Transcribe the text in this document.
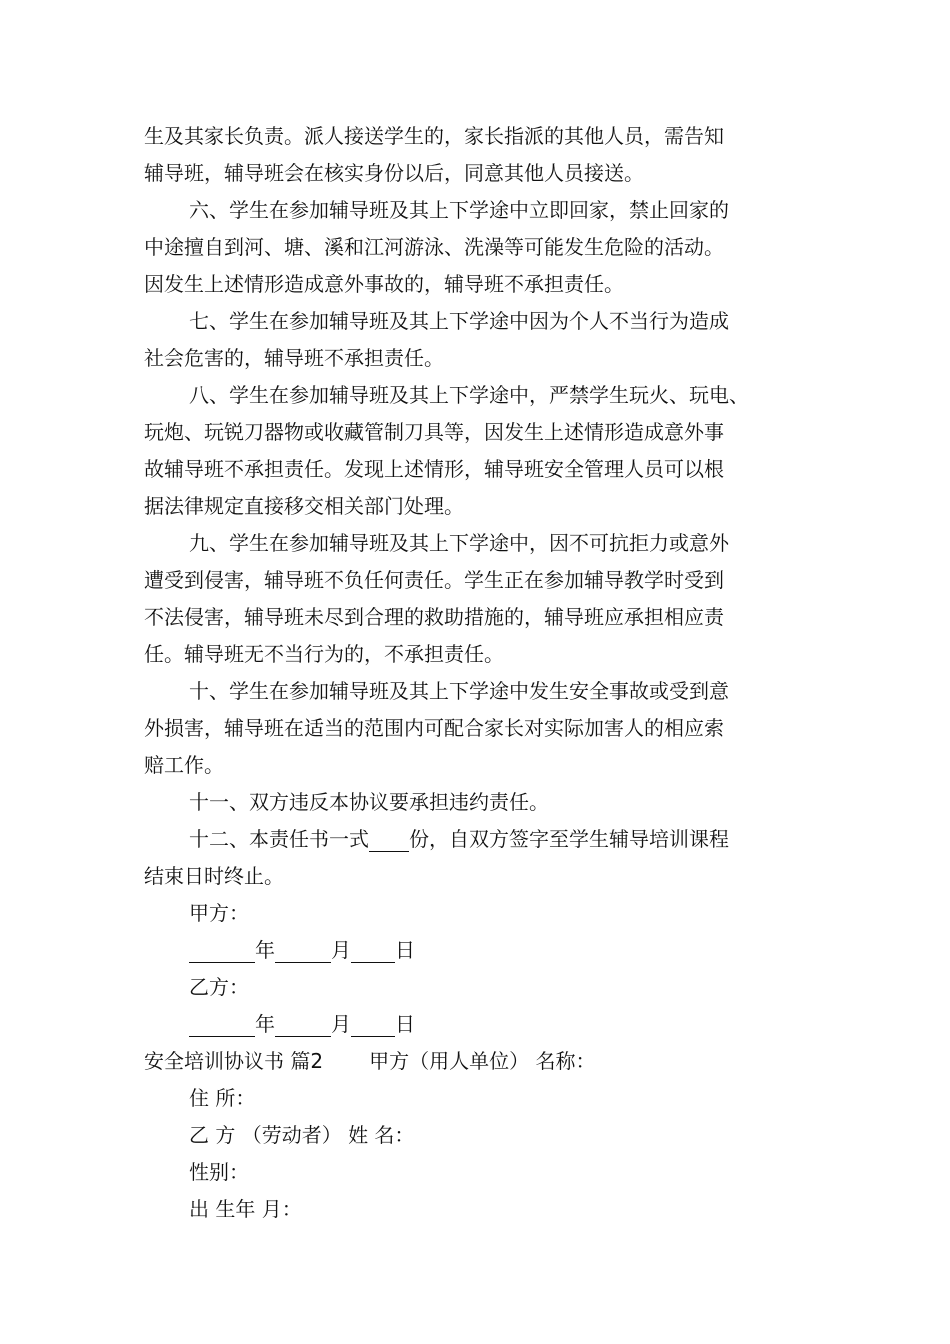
生及其家长负责。派人接送学生的，家长指派的其他人员，需告知
辅导班，辅导班会在核实身份以后，同意其他人员接送。
六、学生在参加辅导班及其上下学途中立即回家，禁止回家的
中途擅自到河、塘、溪和江河游泳、洗澡等可能发生危险的活动。
因发生上述情形造成意外事故的，辅导班不承担责任。
七、学生在参加辅导班及其上下学途中因为个人不当行为造成
社会危害的，辅导班不承担责任。
八、学生在参加辅导班及其上下学途中，严禁学生玩火、玩电、
玩炮、玩锐刀器物或收藏管制刀具等，因发生上述情形造成意外事
故辅导班不承担责任。发现上述情形，辅导班安全管理人员可以根
据法律规定直接移交相关部门处理。
九、学生在参加辅导班及其上下学途中，因不可抗拒力或意外
遭受到侵害，辅导班不负任何责任。学生正在参加辅导教学时受到
不法侵害，辅导班未尽到合理的救助措施的，辅导班应承担相应责
任。辅导班无不当行为的，不承担责任。
十、学生在参加辅导班及其上下学途中发生安全事故或受到意
外损害，辅导班在适当的范围内可配合家长对实际加害人的相应索
赔工作。
十一、双方违反本协议要承担违约责任。
十二、本责任书一式 份，自双方签字至学生辅导培训课程
结束日时终止。
甲方：
年	月 日
乙方：
年	月 日
安全培训协议书 篇2 甲方（用人单位） 名称：
住 所：
乙 方 （劳动者） 姓 名：
性别：
出 生年 月：
